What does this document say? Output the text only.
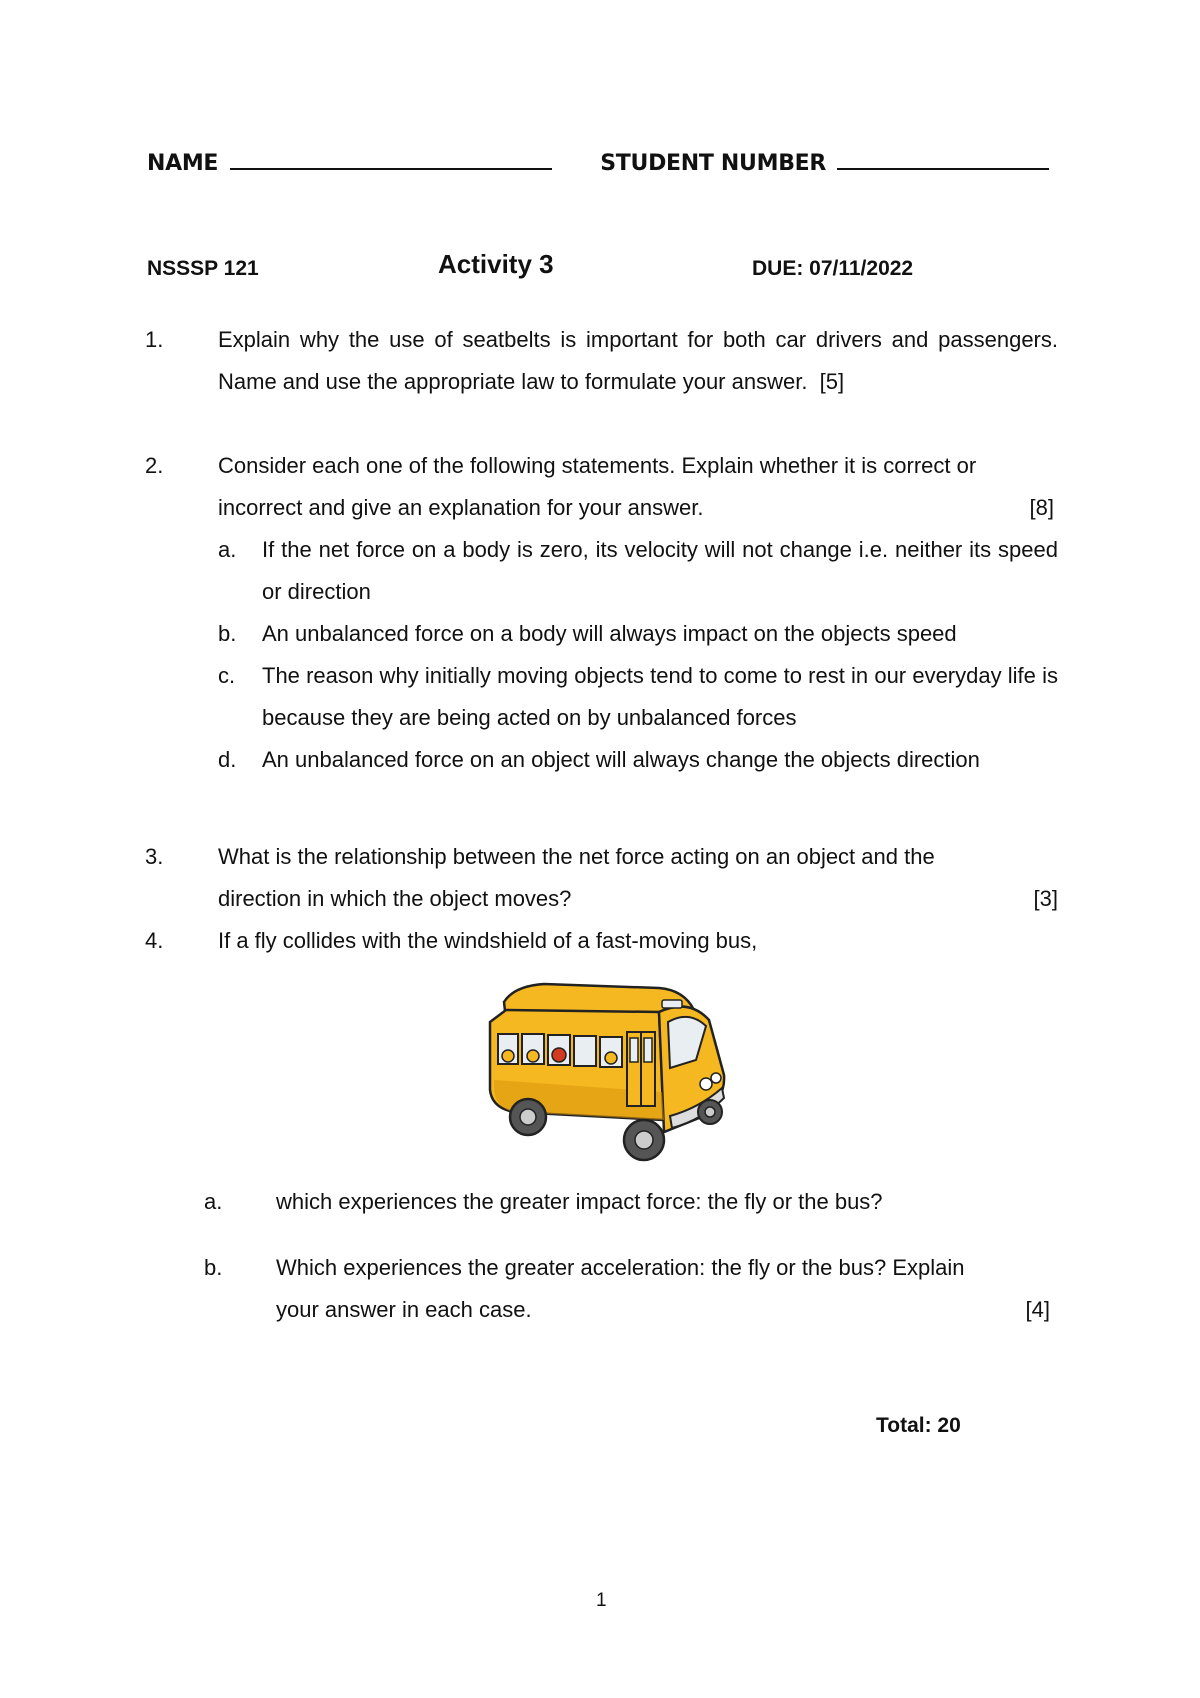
NAME	STUDENT NUMBER
NSSSP 121	Activity 3	DUE: 07/11/2022
1.	Explain why the use of seatbelts is important for both car drivers and passengers. Name and use the appropriate law to formulate your answer. [5]
2.	Consider each one of the following statements. Explain whether it is correct or
incorrect and give an explanation for your answer.	[8]
a. If the net force on a body is zero, its velocity will not change i.e. neither its speed or direction
b. An unbalanced force on a body will always impact on the objects speed
c. The reason why initially moving objects tend to come to rest in our everyday life is because they are being acted on by unbalanced forces
d. An unbalanced force on an object will always change the objects direction
3.	What is the relationship between the net force acting on an object and the
direction in which the object moves?	[3]
4.	If a fly collides with the windshield of a fast-moving bus,
a. which experiences the greater impact force: the fly or the bus?
b. Which experiences the greater acceleration: the fly or the bus? Explain
your answer in each case.	[4]
Total: 20
1
